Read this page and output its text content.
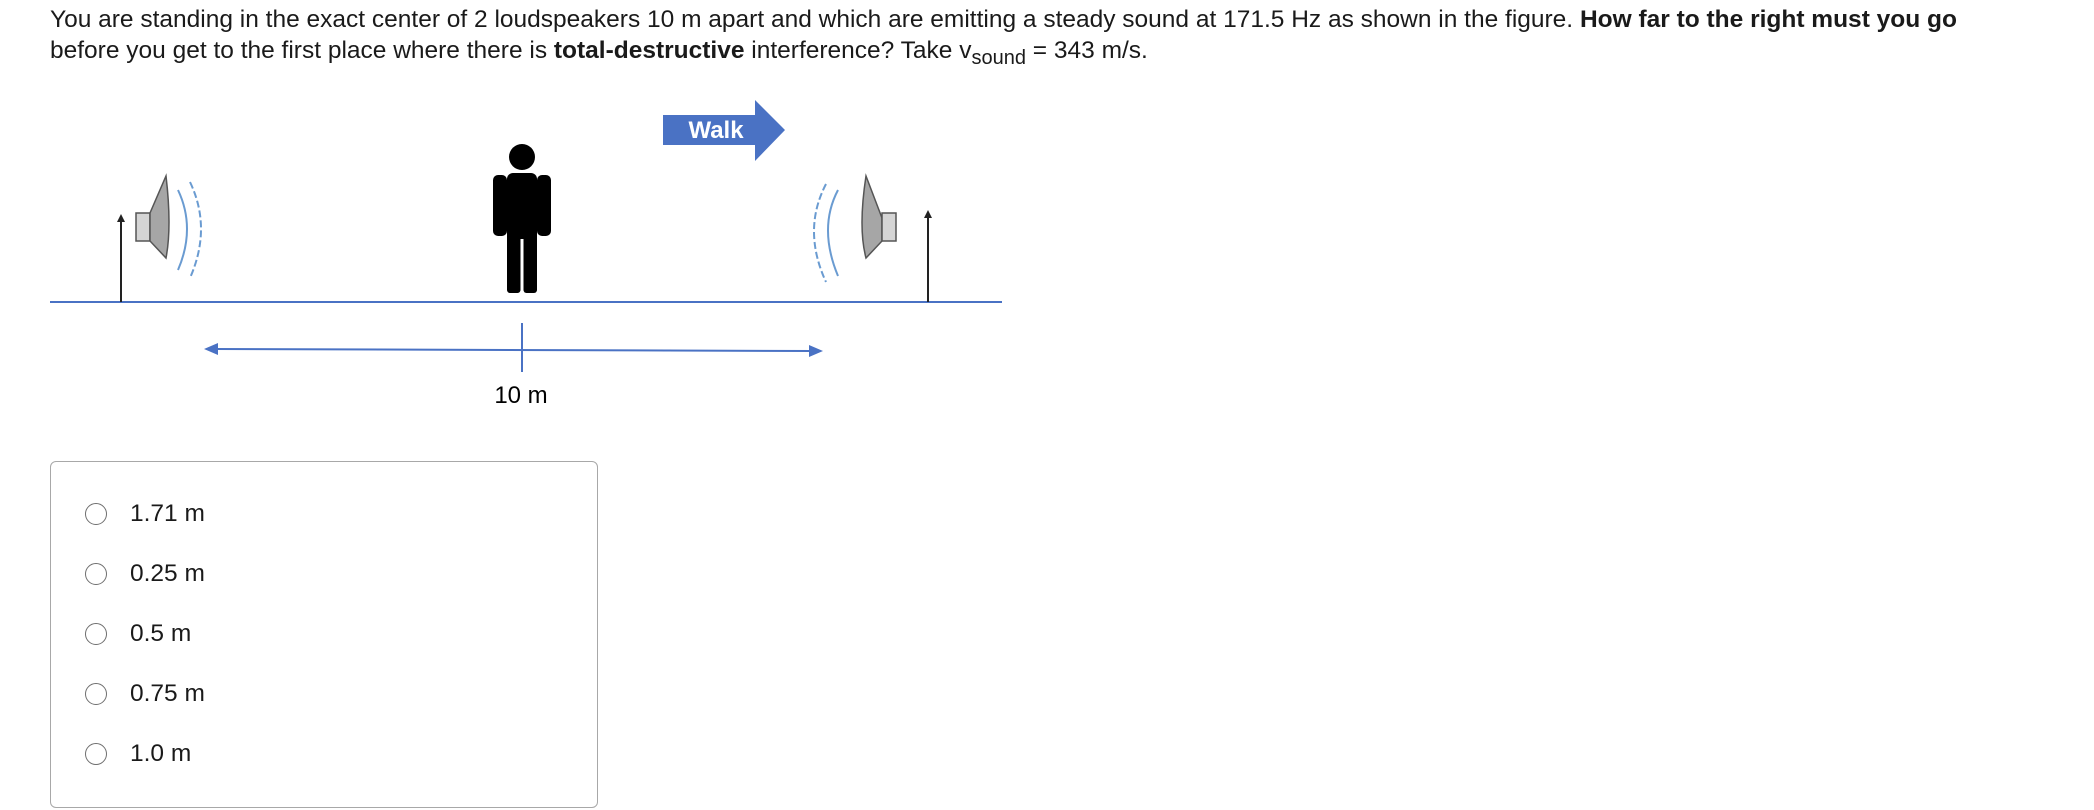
You are standing in the exact center of 2 loudspeakers 10 m apart and which are emitting a steady sound at 171.5 Hz as shown in the figure. How far to the right must you go
before you get to the first place where there is total-destructive interference? Take $v_{sound} = 343$ m/s.
Walk
10 m
1.71 m
0.25 m
0.5 m
0.75 m
1.0 m
